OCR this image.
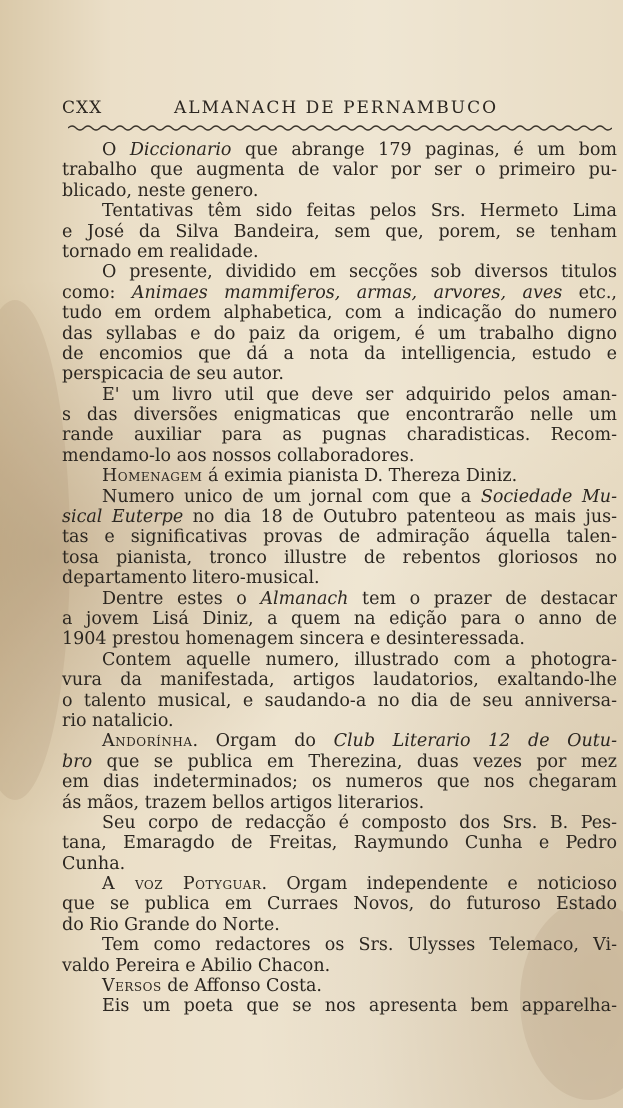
CXX	ALMANACH DE PERNAMBUCO
O Diccionario que abrange 179 paginas, é um bom
trabalho que augmenta de valor por ser o primeiro pu-
blicado, neste genero.
Tentativas têm sido feitas pelos Srs. Hermeto Lima
e José da Silva Bandeira, sem que, porem, se tenham
tornado em realidade.
O presente, dividido em secções sob diversos titulos
como: Animaes mammiferos, armas, arvores, aves etc.,
tudo em ordem alphabetica, com a indicação do numero
das syllabas e do paiz da origem, é um trabalho digno
de encomios que dá a nota da intelligencia, estudo e
perspicacia de seu autor.
E' um livro util que deve ser adquirido pelos aman-
s das diversões enigmaticas que encontrarão nelle um
rande auxiliar para as pugnas charadisticas. Recom-
mendamo-lo aos nossos collaboradores.
Homenagem á eximia pianista D. Thereza Diniz.
Numero unico de um jornal com que a Sociedade Mu-
sical Euterpe no dia 18 de Outubro patenteou as mais jus-
tas e significativas provas de admiração áquella talen-
tosa pianista, tronco illustre de rebentos gloriosos no
departamento litero-musical.
Dentre estes o Almanach tem o prazer de destacar
a jovem Lisá Diniz, a quem na edição para o anno de
1904 prestou homenagem sincera e desinteressada.
Contem aquelle numero, illustrado com a photogra-
vura da manifestada, artigos laudatorios, exaltando-lhe
o talento musical, e saudando-a no dia de seu anniversa-
rio natalicio.
Andorínha. Orgam do Club Literario 12 de Outu-
bro que se publica em Therezina, duas vezes por mez
em dias indeterminados; os numeros que nos chegaram
ás mãos, trazem bellos artigos literarios.
Seu corpo de redacção é composto dos Srs. B. Pes-
tana, Emaragdo de Freitas, Raymundo Cunha e Pedro
Cunha.
A voz Potyguar. Orgam independente e noticioso
que se publica em Curraes Novos, do futuroso Estado
do Rio Grande do Norte.
Tem como redactores os Srs. Ulysses Telemaco, Vi-
valdo Pereira e Abilio Chacon.
Versos de Affonso Costa.
Eis um poeta que se nos apresenta bem apparelha-
